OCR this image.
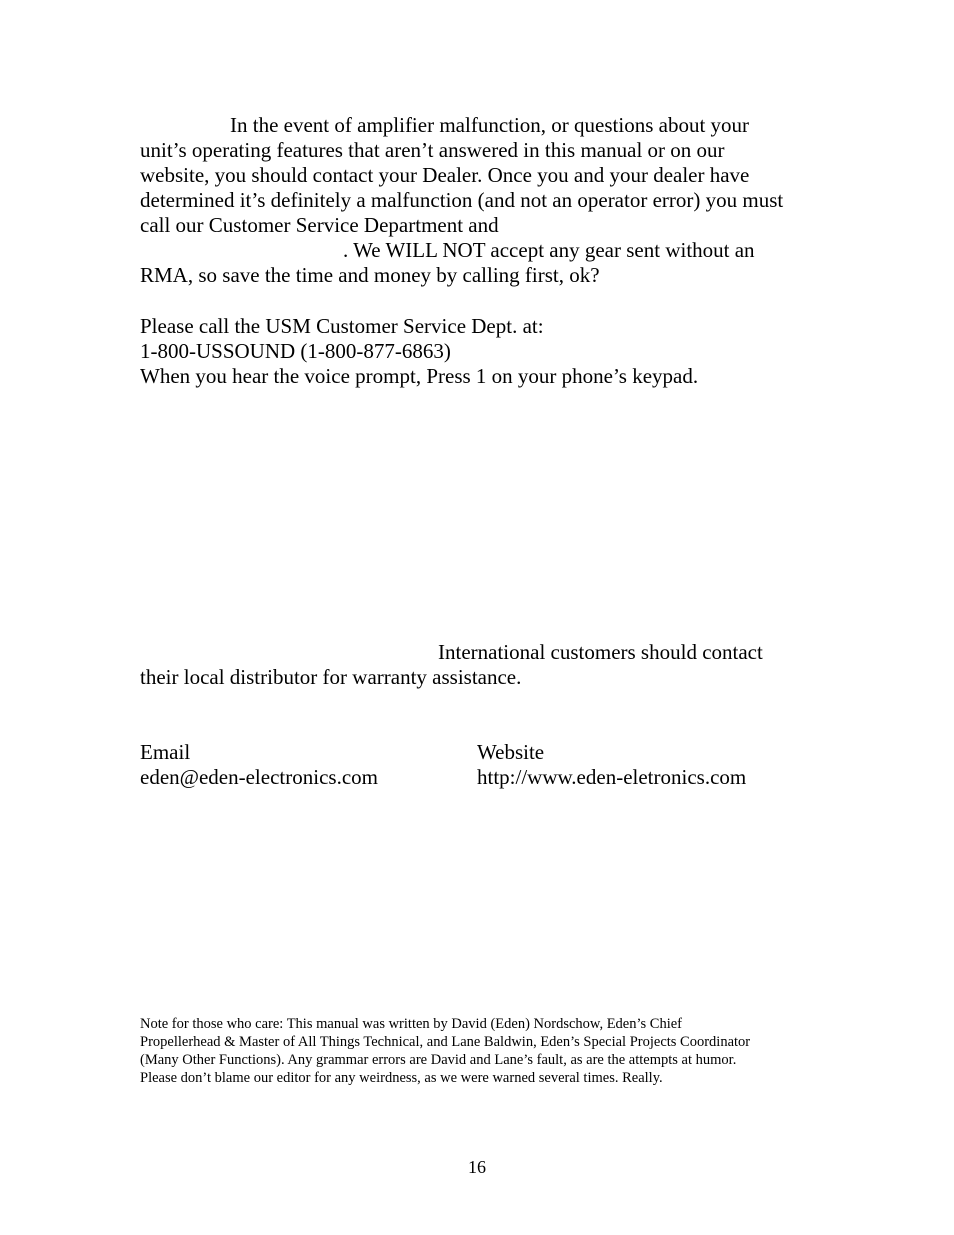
In the event of amplifier malfunction, or questions about your
unit’s operating features that aren’t answered in this manual or on our
website, you should contact your Dealer. Once you and your dealer have
determined it’s definitely a malfunction (and not an operator error) you must
call our Customer Service Department and
. We WILL NOT accept any gear sent without an
RMA, so save the time and money by calling first, ok?
Please call the USM Customer Service Dept. at:
1-800-USSOUND (1-800-877-6863)
When you hear the voice prompt, Press 1 on your phone’s keypad.
International customers should contact
their local distributor for warranty assistance.
Email
eden@eden-electronics.com
Website
http://www.eden-eletronics.com
Note for those who care: This manual was written by David (Eden) Nordschow, Eden’s Chief
Propellerhead & Master of All Things Technical, and Lane Baldwin, Eden’s Special Projects Coordinator
(Many Other Functions). Any grammar errors are David and Lane’s fault, as are the attempts at humor.
Please don’t blame our editor for any weirdness, as we were warned several times. Really.
16
